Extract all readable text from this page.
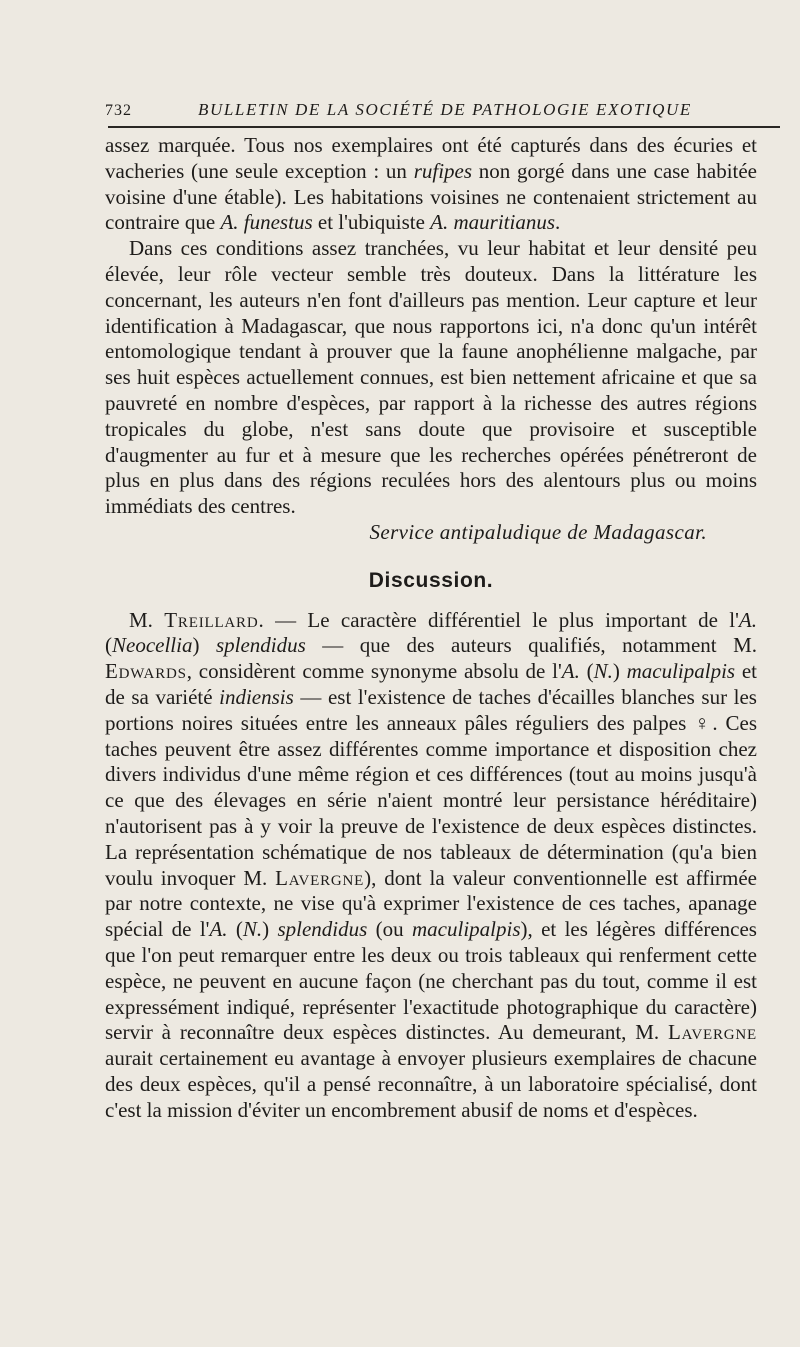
732	BULLETIN DE LA SOCIÉTÉ DE PATHOLOGIE EXOTIQUE

assez marquée. Tous nos exemplaires ont été capturés dans des écuries et vacheries (une seule exception : un rufipes non gorgé dans une case habitée voisine d'une étable). Les habitations voisines ne contenaient strictement au contraire que A. funestus et l'ubiquiste A. mauritianus.

Dans ces conditions assez tranchées, vu leur habitat et leur densité peu élevée, leur rôle vecteur semble très douteux. Dans la littérature les concernant, les auteurs n'en font d'ailleurs pas mention. Leur capture et leur identification à Madagascar, que nous rapportons ici, n'a donc qu'un intérêt entomologique tendant à prouver que la faune anophélienne malgache, par ses huit espèces actuellement connues, est bien nettement africaine et que sa pauvreté en nombre d'espèces, par rapport à la richesse des autres régions tropicales du globe, n'est sans doute que provisoire et susceptible d'augmenter au fur et à mesure que les recherches opérées pénétreront de plus en plus dans des régions reculées hors des alentours plus ou moins immédiats des centres.

Service antipaludique de Madagascar.

Discussion.

M. Treillard. — Le caractère différentiel le plus important de l'A. (Neocellia) splendidus — que des auteurs qualifiés, notamment M. Edwards, considèrent comme synonyme absolu de l'A. (N.) maculipalpis et de sa variété indiensis — est l'existence de taches d'écailles blanches sur les portions noires situées entre les anneaux pâles réguliers des palpes ♀. Ces taches peuvent être assez différentes comme importance et disposition chez divers individus d'une même région et ces différences (tout au moins jusqu'à ce que des élevages en série n'aient montré leur persistance héréditaire) n'autorisent pas à y voir la preuve de l'existence de deux espèces distinctes. La représentation schématique de nos tableaux de détermination (qu'a bien voulu invoquer M. Lavergne), dont la valeur conventionnelle est affirmée par notre contexte, ne vise qu'à exprimer l'existence de ces taches, apanage spécial de l'A. (N.) splendidus (ou maculipalpis), et les légères différences que l'on peut remarquer entre les deux ou trois tableaux qui renferment cette espèce, ne peuvent en aucune façon (ne cherchant pas du tout, comme il est expressément indiqué, représenter l'exactitude photographique du caractère) servir à reconnaître deux espèces distinctes. Au demeurant, M. Lavergne aurait certainement eu avantage à envoyer plusieurs exemplaires de chacune des deux espèces, qu'il a pensé reconnaître, à un laboratoire spécialisé, dont c'est la mission d'éviter un encombrement abusif de noms et d'espèces.
